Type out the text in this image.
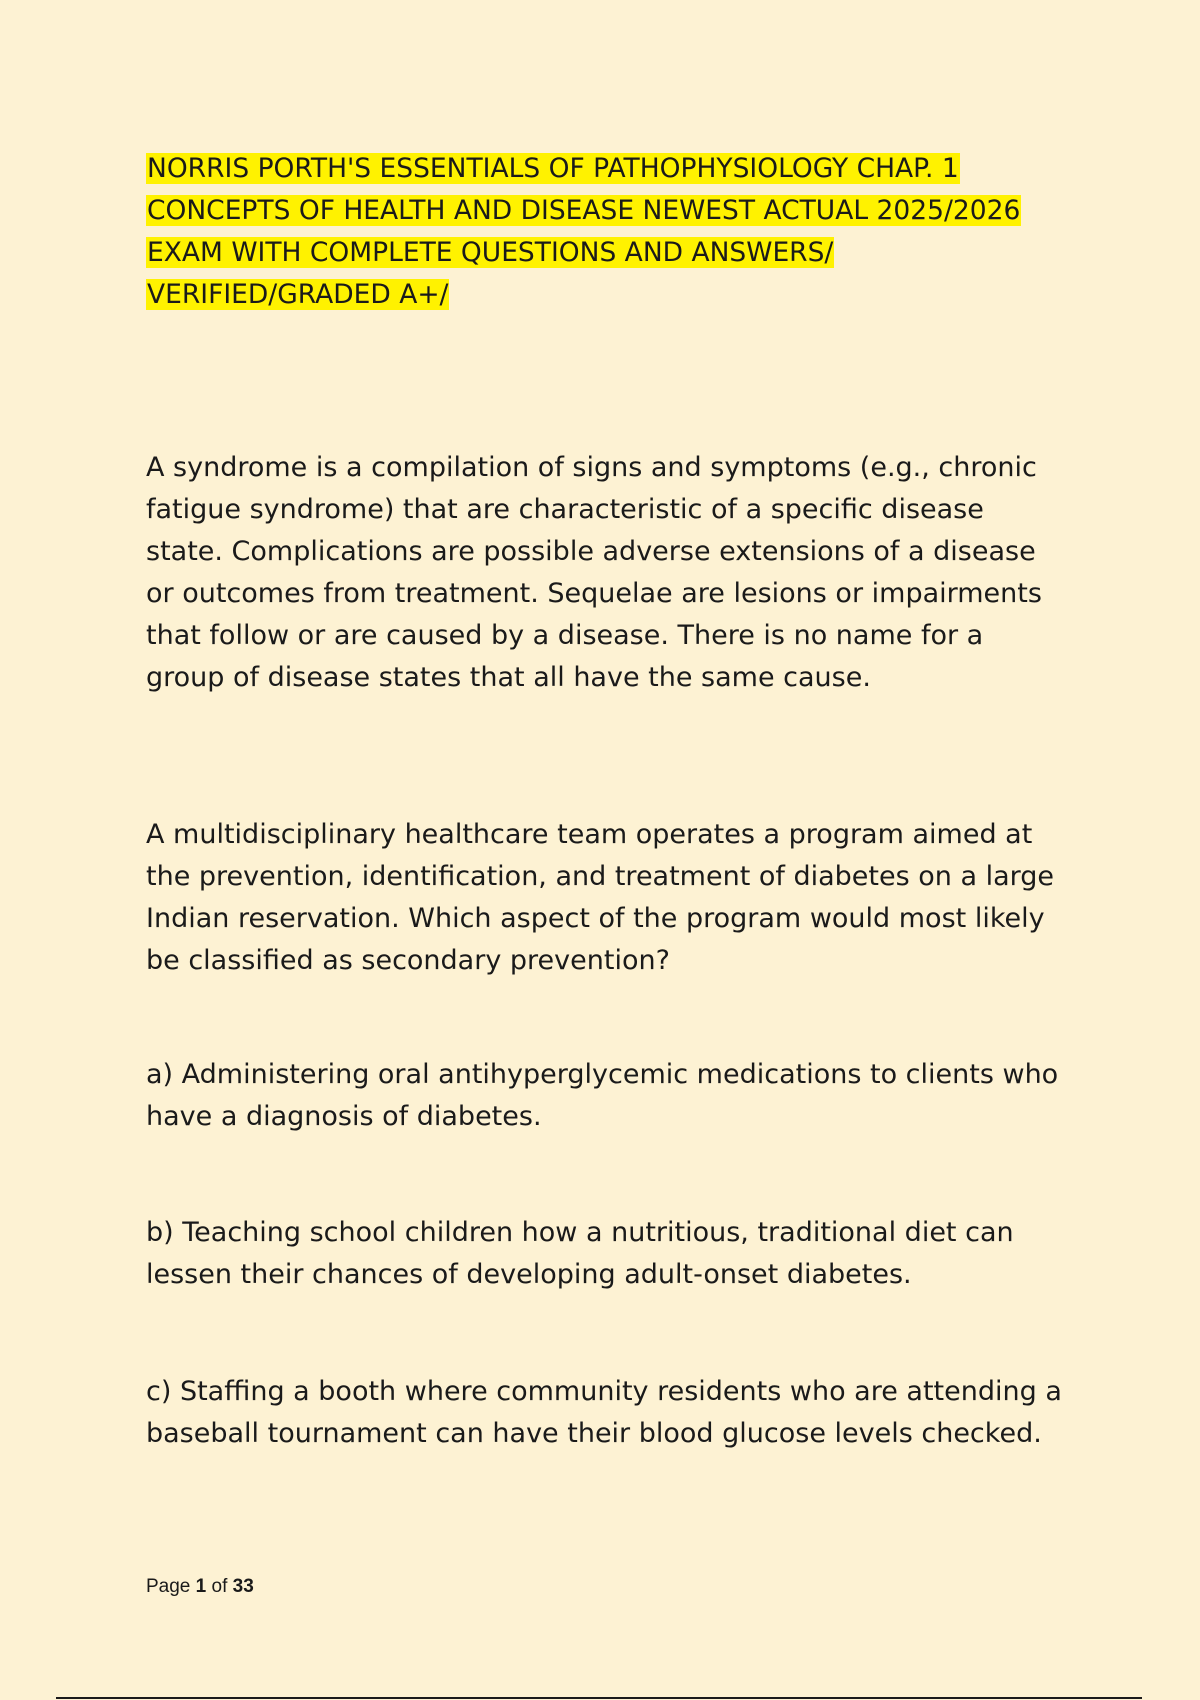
NORRIS PORTH'S ESSENTIALS OF PATHOPHYSIOLOGY CHAP. 1 CONCEPTS OF HEALTH AND DISEASE NEWEST ACTUAL 2025/2026 EXAM WITH COMPLETE QUESTIONS AND ANSWERS/ VERIFIED/GRADED A+/

A syndrome is a compilation of signs and symptoms (e.g., chronic fatigue syndrome) that are characteristic of a specific disease state. Complications are possible adverse extensions of a disease or outcomes from treatment. Sequelae are lesions or impairments that follow or are caused by a disease. There is no name for a group of disease states that all have the same cause.

A multidisciplinary healthcare team operates a program aimed at the prevention, identification, and treatment of diabetes on a large Indian reservation. Which aspect of the program would most likely be classified as secondary prevention?

a) Administering oral antihyperglycemic medications to clients who have a diagnosis of diabetes.

b) Teaching school children how a nutritious, traditional diet can lessen their chances of developing adult-onset diabetes.

c) Staffing a booth where community residents who are attending a baseball tournament can have their blood glucose levels checked.

Page 1 of 33
